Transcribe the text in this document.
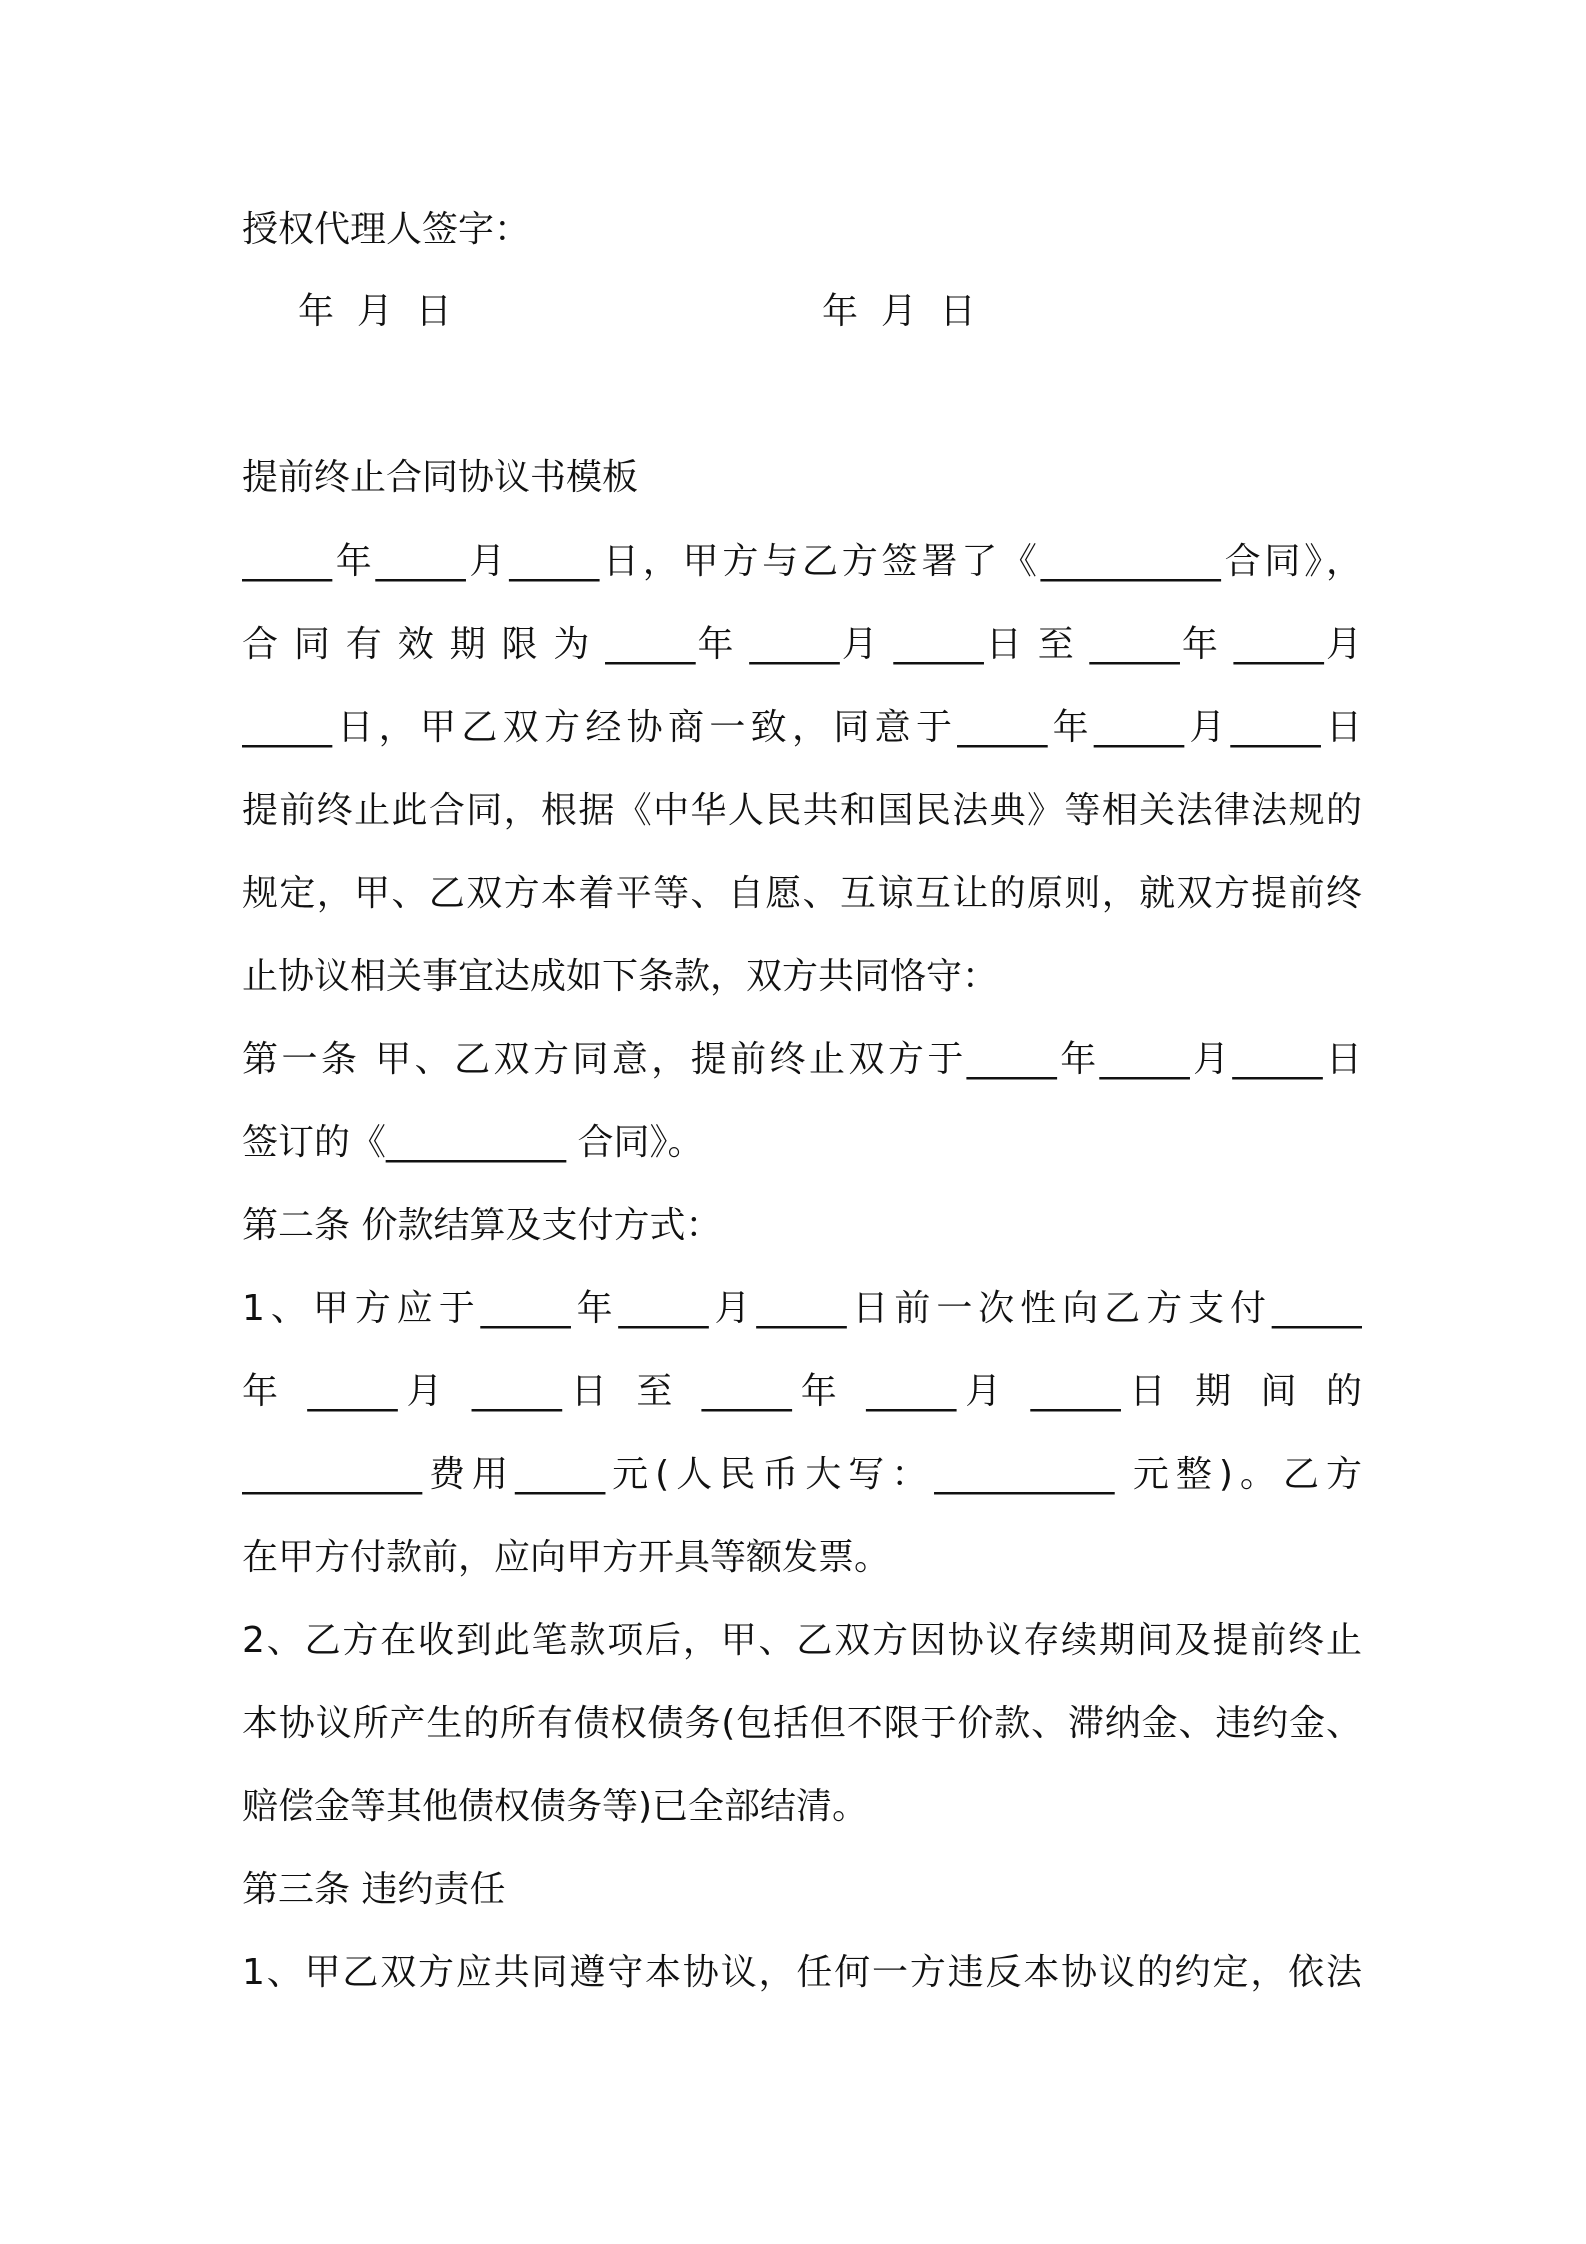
授权代理人签字：
年  月  日	年  月  日
提前终止合同协议书模板
_____年_____月_____日，甲方与乙方签署了《__________合同》，
合 同 有 效 期 限 为 _____年 _____月 _____日 至 _____年 _____月
_____日，甲乙双方经协商一致，同意于_____年_____月_____日
提前终止此合同，根据《中华人民共和国民法典》等相关法律法规的
规定，甲、乙双方本着平等、自愿、互谅互让的原则，就双方提前终
止协议相关事宜达成如下条款，双方共同恪守：
第一条 甲、乙双方同意，提前终止双方于_____年_____月_____日
签订的《__________ 合同》。
第二条 价款结算及支付方式：
1、甲方应于_____年_____月_____日前一次性向乙方支付_____
年 _____月 _____日 至 _____年 _____月 _____日 期 间 的
__________费用_____元(人民币大写：__________ 元整)。乙方
在甲方付款前，应向甲方开具等额发票。
2、乙方在收到此笔款项后，甲、乙双方因协议存续期间及提前终止
本协议所产生的所有债权债务(包括但不限于价款、滞纳金、违约金、
赔偿金等其他债权债务等)已全部结清。
第三条 违约责任
1、甲乙双方应共同遵守本协议，任何一方违反本协议的约定，依法
